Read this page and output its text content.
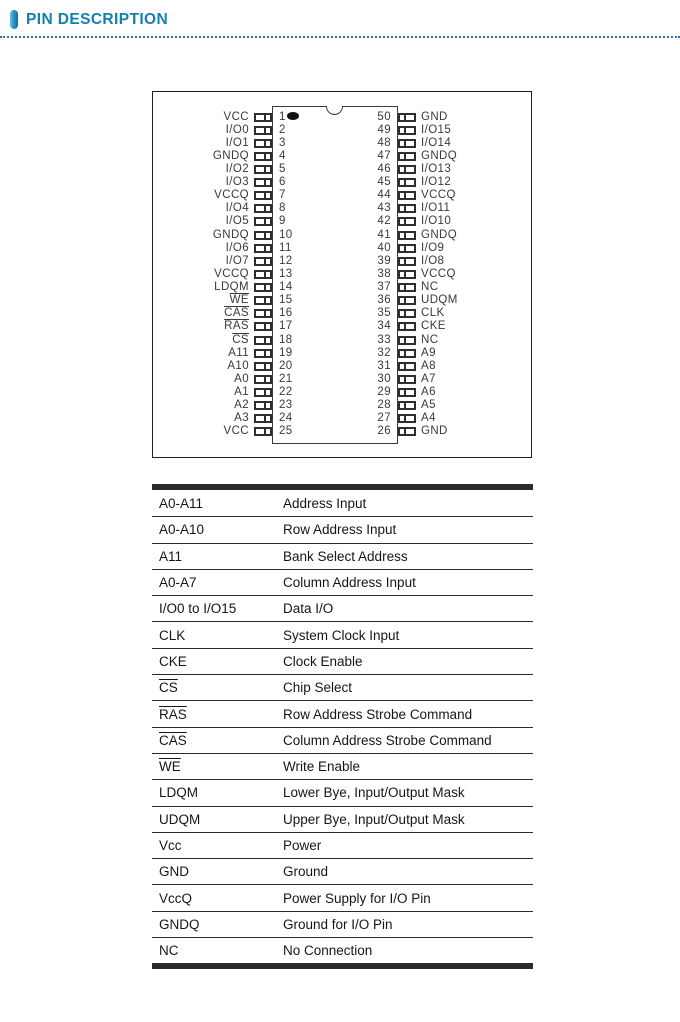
PIN DESCRIPTION
VCC	1	50	GND
I/O0	2	49	I/O15
I/O1	3	48	I/O14
GNDQ	4	47	GNDQ
I/O2	5	46	I/O13
I/O3	6	45	I/O12
VCCQ	7	44	VCCQ
I/O4	8	43	I/O11
I/O5	9	42	I/O10
GNDQ	10	41	GNDQ
I/O6	11	40	I/O9
I/O7	12	39	I/O8
VCCQ	13	38	VCCQ
LDQM	14	37	NC
$\overline{WE}$	15	36	UDQM
$\overline{CAS}$	16	35	CLK
$\overline{RAS}$	17	34	CKE
$\overline{CS}$	18	33	NC
A11	19	32	A9
A10	20	31	A8
A0	21	30	A7
A1	22	29	A6
A2	23	28	A5
A3	24	27	A4
VCC	25	26	GND
A0-A11	Address Input
A0-A10	Row Address Input
A11	Bank Select Address
A0-A7	Column Address Input
I/O0 to I/O15	Data I/O
CLK	System Clock Input
CKE	Clock Enable
$\overline{CS}$	Chip Select
$\overline{RAS}$	Row Address Strobe Command
$\overline{CAS}$	Column Address Strobe Command
$\overline{WE}$	Write Enable
LDQM	Lower Bye, Input/Output Mask
UDQM	Upper Bye, Input/Output Mask
Vcc	Power
GND	Ground
VccQ	Power Supply for I/O Pin
GNDQ	Ground for I/O Pin
NC	No Connection
